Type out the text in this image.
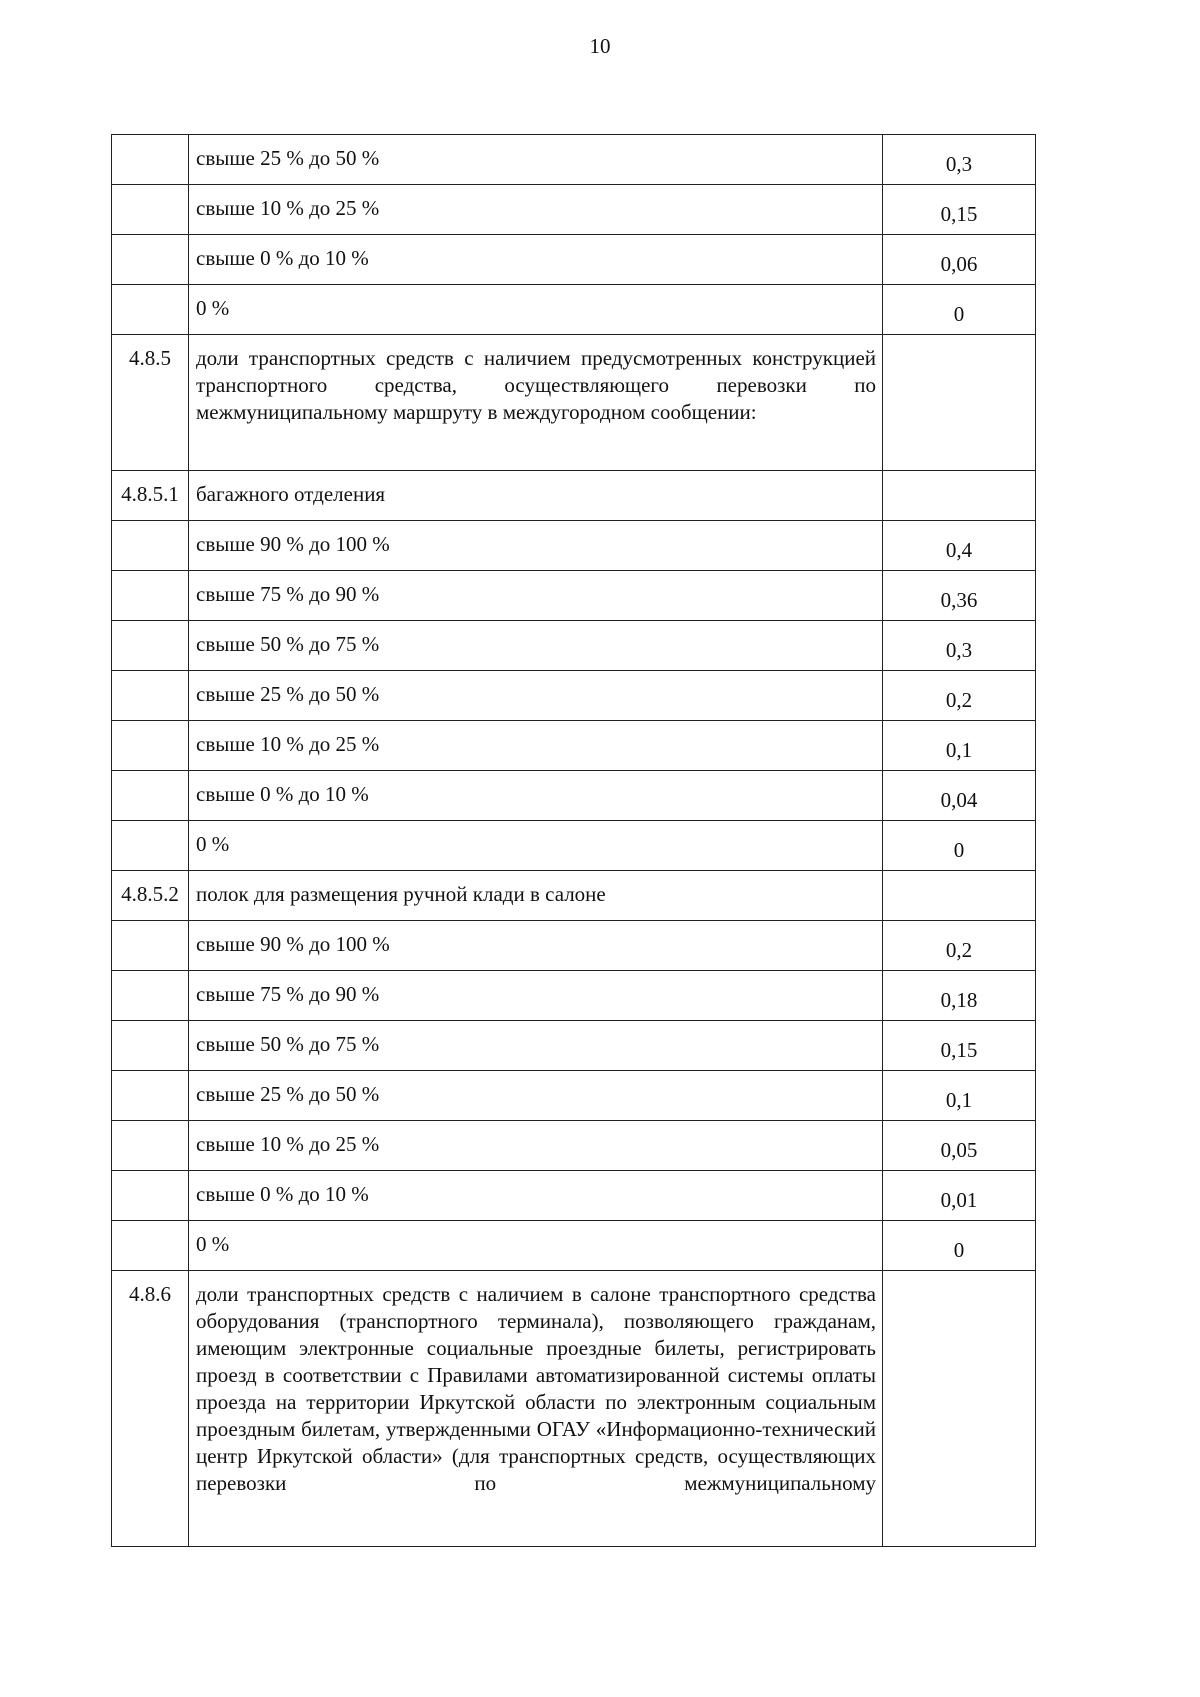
10
	свыше 25 % до 50 %	0,3
	свыше 10 % до 25 %	0,15
	свыше 0 % до 10 %	0,06
	0 %	0
4.8.5	доли транспортных средств с наличием предусмотренных конструкцией транспортного средства, осуществляющего перевозки по межмуниципальному маршруту в междугородном сообщении:	
4.8.5.1	багажного отделения	
	свыше 90 % до 100 %	0,4
	свыше 75 % до 90 %	0,36
	свыше 50 % до 75 %	0,3
	свыше 25 % до 50 %	0,2
	свыше 10 % до 25 %	0,1
	свыше 0 % до 10 %	0,04
	0 %	0
4.8.5.2	полок для размещения ручной клади в салоне	
	свыше 90 % до 100 %	0,2
	свыше 75 % до 90 %	0,18
	свыше 50 % до 75 %	0,15
	свыше 25 % до 50 %	0,1
	свыше 10 % до 25 %	0,05
	свыше 0 % до 10 %	0,01
	0 %	0
4.8.6	доли транспортных средств с наличием в салоне транспортного средства оборудования (транспортного терминала), позволяющего гражданам, имеющим электронные социальные проездные билеты, регистрировать проезд в соответствии с Правилами автоматизированной системы оплаты проезда на территории Иркутской области по электронным социальным проездным билетам, утвержденными ОГАУ «Информационно-технический центр Иркутской области» (для транспортных средств, осуществляющих перевозки по межмуниципальному	
